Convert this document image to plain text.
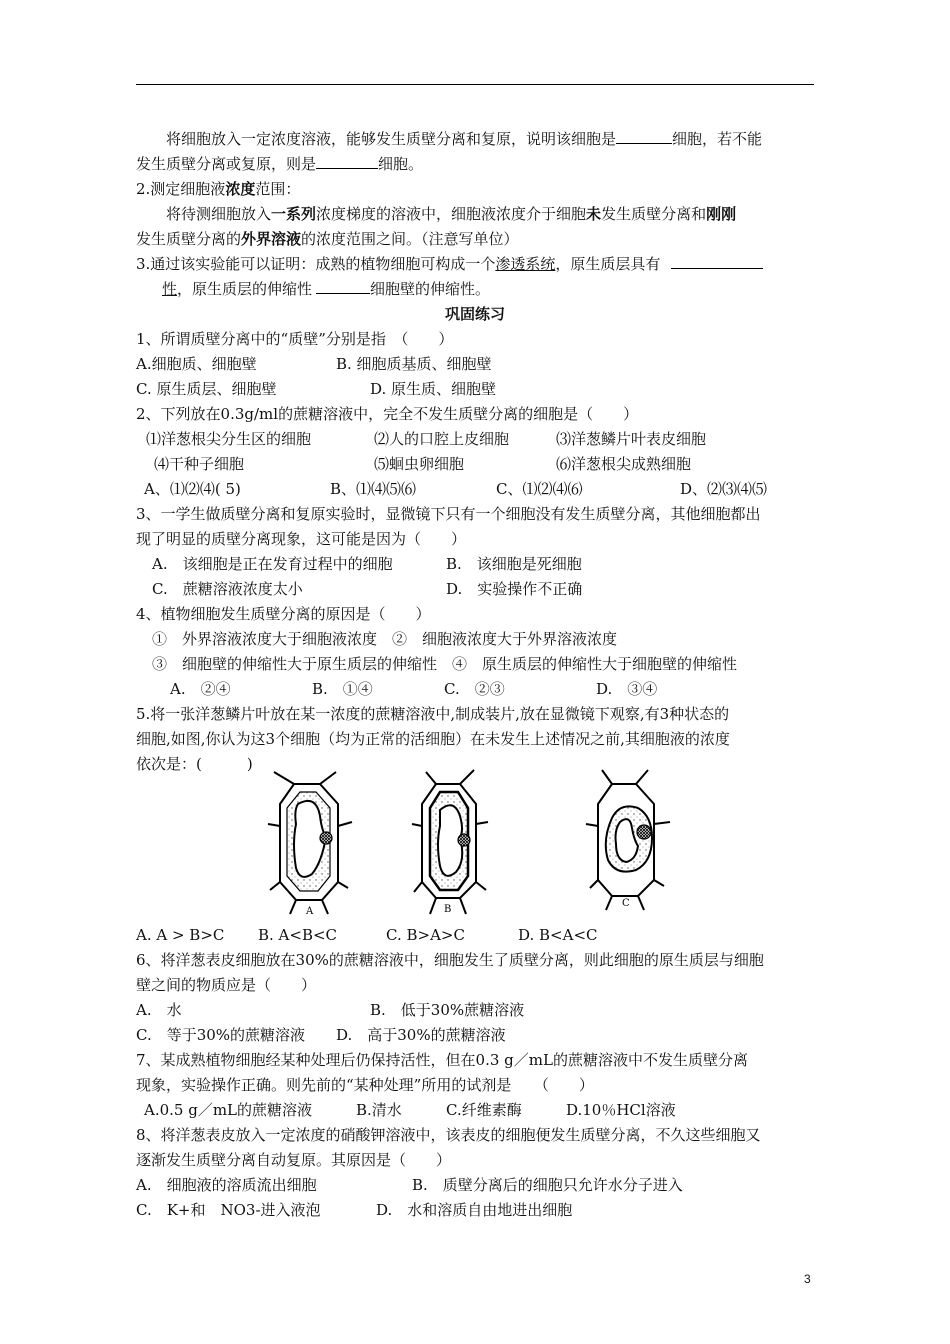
将细胞放入一定浓度溶液，能够发生质壁分离和复原，说明该细胞是	细胞，若不能
发生质壁分离或复原，则是	细胞。
2.测定细胞液浓度范围：
将待测细胞放入一系列浓度梯度的溶液中，细胞液浓度介于细胞未发生质壁分离和刚刚
发生质壁分离的外界溶液的浓度范围之间。（注意写单位）
3.通过该实验能可以证明：成熟的植物细胞可构成一个渗透系统，原生质层具有
性，原生质层的伸缩性	细胞壁的伸缩性。
巩固练习
1、所谓质壁分离中的“质壁”分别是指　（　　）
A.细胞质、细胞壁	B. 细胞质基质、细胞壁
C. 原生质层、细胞壁	D. 原生质、细胞壁
2、下列放在0.3g/ml的蔗糖溶液中，完全不发生质壁分离的细胞是（　　）
⑴洋葱根尖分生区的细胞	⑵人的口腔上皮细胞	⑶洋葱鳞片叶表皮细胞
⑷干种子细胞	⑸蛔虫卵细胞	⑹洋葱根尖成熟细胞
A、⑴⑵⑷( 5)	B、⑴⑷⑸⑹	C、⑴⑵⑷⑹	D、⑵⑶⑷⑸
3、一学生做质壁分离和复原实验时，显微镜下只有一个细胞没有发生质壁分离，其他细胞都出
现了明显的质壁分离现象，这可能是因为（　　）
A.　该细胞是正在发育过程中的细胞	B.　该细胞是死细胞
C.　蔗糖溶液浓度太小	D.　实验操作不正确
4、植物细胞发生质壁分离的原因是（　　）
①　外界溶液浓度大于细胞液浓度　②　细胞液浓度大于外界溶液浓度
③　细胞壁的伸缩性大于原生质层的伸缩性　④　原生质层的伸缩性大于细胞壁的伸缩性
A.　②④	B.　①④	C.　②③	D.　③④
5.将一张洋葱鳞片叶放在某一浓度的蔗糖溶液中,制成装片,放在显微镜下观察,有3种状态的
细胞,如图,你认为这3个细胞（均为正常的活细胞）在未发生上述情况之前,其细胞液的浓度
依次是：(　　　)
A	B
C
A. A > B>C B. A<B<C	C. B>A>C	D. B<A<C
6、将洋葱表皮细胞放在30%的蔗糖溶液中，细胞发生了质壁分离，则此细胞的原生质层与细胞
壁之间的物质应是（　　）
A.　水	B.　低于30%蔗糖溶液
C.　等于30%的蔗糖溶液 D.　高于30%的蔗糖溶液
7、某成熟植物细胞经某种处理后仍保持活性，但在0.3 g／mL的蔗糖溶液中不发生质壁分离
现象，实验操作正确。则先前的“某种处理”所用的试剂是　　（　　）
A.0.5 g／mL的蔗糖溶液	B.清水	C.纤维素酶	D.10％HCl溶液
8、将洋葱表皮放入一定浓度的硝酸钾溶液中，该表皮的细胞便发生质壁分离，不久这些细胞又
逐渐发生质壁分离自动复原。其原因是（　　）
A.　细胞液的溶质流出细胞	B.　质壁分离后的细胞只允许水分子进入
C.　K+和　NO3-进入液泡	D.　水和溶质自由地进出细胞
3
